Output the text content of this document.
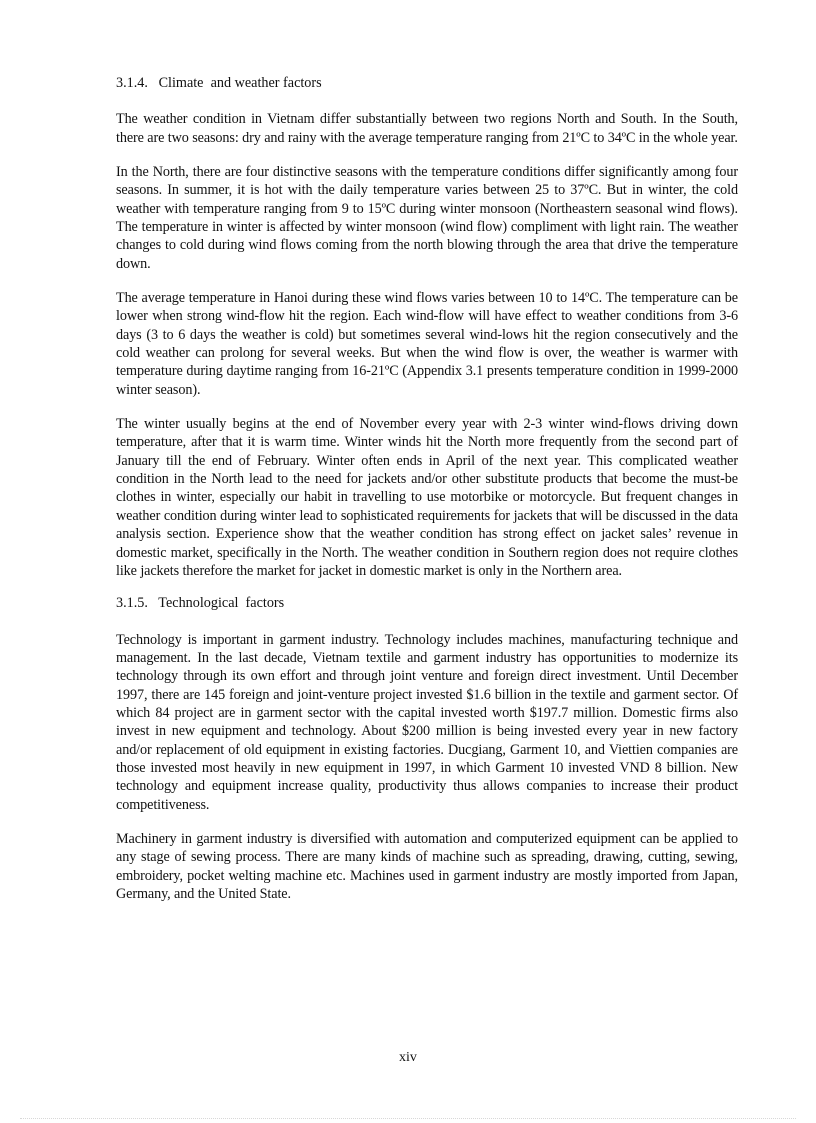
3.1.4.   Climate  and weather factors

The weather condition in Vietnam differ substantially between two regions North and South. In the South, there are two seasons: dry and rainy with the average temperature ranging from 21ºC to 34ºC in the whole year.

In the North, there are four distinctive seasons with the temperature conditions differ significantly among four seasons. In summer, it is hot with the daily temperature varies between 25 to 37ºC. But in winter, the cold weather with temperature ranging from 9 to 15ºC during winter monsoon (Northeastern seasonal wind flows). The temperature in winter is affected by winter monsoon (wind flow) compliment with light rain. The weather changes to cold during wind flows coming from the north blowing through the area that drive the temperature down.

The average temperature in Hanoi during these wind flows varies between 10 to 14ºC. The temperature can be lower when strong wind-flow hit the region. Each wind-flow will have effect to weather conditions from 3-6 days (3 to 6 days the weather is cold) but sometimes several wind-lows hit the region consecutively and the cold weather can prolong for several weeks. But when the wind flow is over, the weather is warmer with temperature during daytime ranging from 16-21ºC (Appendix 3.1 presents temperature condition in 1999-2000 winter season).

The winter usually begins at the end of November every year with 2-3 winter wind-flows driving down temperature, after that it is warm time. Winter winds hit the North more frequently from the second part of January till the end of February. Winter often ends in April of the next year. This complicated weather condition in the North lead to the need for jackets and/or other substitute products that become the must-be clothes in winter, especially our habit in travelling to use motorbike or motorcycle. But frequent changes in weather condition during winter lead to sophisticated requirements for jackets that will be discussed in the data analysis section. Experience show that the weather condition has strong effect on jacket sales’ revenue in domestic market, specifically in the North. The weather condition in Southern region does not require clothes like jackets therefore the market for jacket in domestic market is only in the Northern area.

3.1.5.   Technological  factors

Technology is important in garment industry. Technology includes machines, manufacturing technique and management. In the last decade, Vietnam textile and garment industry has opportunities to modernize its technology through its own effort and through joint venture and foreign direct investment. Until December 1997, there are 145 foreign and joint-venture project invested $1.6 billion in the textile and garment sector. Of which 84 project are in garment sector with the capital invested worth $197.7 million. Domestic firms also invest in new equipment and technology. About $200 million is being invested every year in new factory and/or replacement of old equipment in existing factories. Ducgiang, Garment 10, and Viettien companies are those invested most heavily in new equipment in 1997, in which Garment 10 invested VND 8 billion. New technology and equipment increase quality, productivity thus allows companies to increase their product competitiveness.

Machinery in garment industry is diversified with automation and computerized equipment can be applied to any stage of sewing process. There are many kinds of machine such as spreading, drawing, cutting, sewing, embroidery, pocket welting machine etc. Machines used in garment industry are mostly imported from Japan, Germany, and the United State.

xiv
